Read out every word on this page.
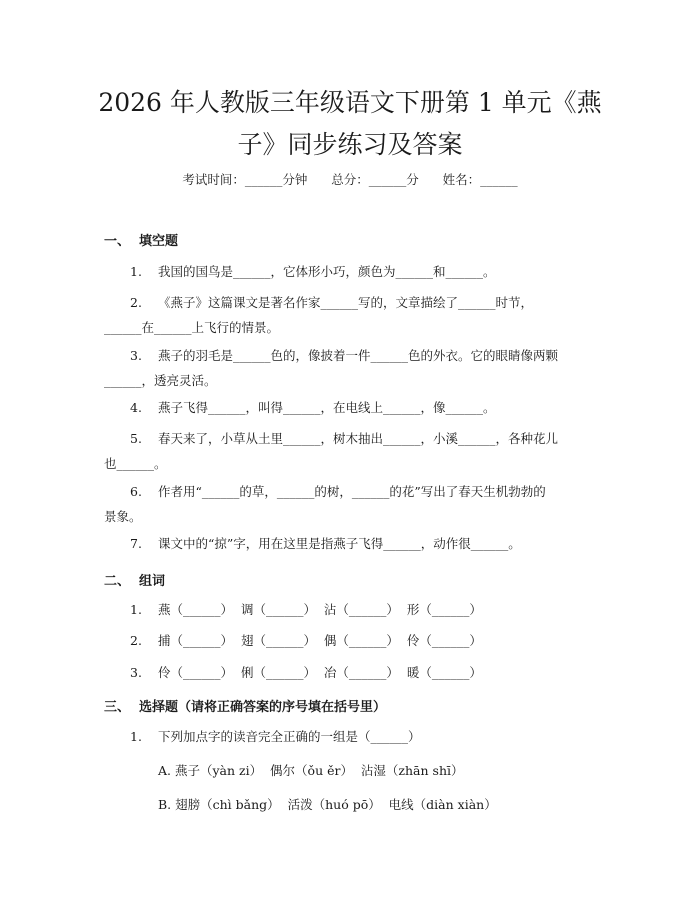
2026 年人教版三年级语文下册第 1 单元《燕
子》同步练习及答案
考试时间：______分钟      总分：______分      姓名：______
一、  填空题
1. 我国的国鸟是______，它体形小巧，颜色为______和______。
2. 《燕子》这篇课文是著名作家______写的，文章描绘了______时节，
______在______上飞行的情景。
3. 燕子的羽毛是______色的，像披着一件______色的外衣。它的眼睛像两颗
______，透亮灵活。
4. 燕子飞得______，叫得______，在电线上______，像______。
5. 春天来了，小草从土里______，树木抽出______，小溪______，各种花儿
也______。
6. 作者用“______的草，______的树，______的花”写出了春天生机勃勃的
景象。
7. 课文中的“掠”字，用在这里是指燕子飞得______，动作很______。
二、  组词
1. 燕（______）  调（______）  沾（______）  形（______）
2. 捕（______）  翅（______）  偶（______）  伶（______）
3. 伶（______）  俐（______）  冶（______）  暖（______）
三、  选择题（请将正确答案的序号填在括号里）
1. 下列加点字的读音完全正确的一组是（______）
A. 燕子（yàn zi）  偶尔（ǒu ěr）  沾湿（zhān shī）
B. 翅膀（chì bǎng）  活泼（huó pō）  电线（diàn xiàn）
